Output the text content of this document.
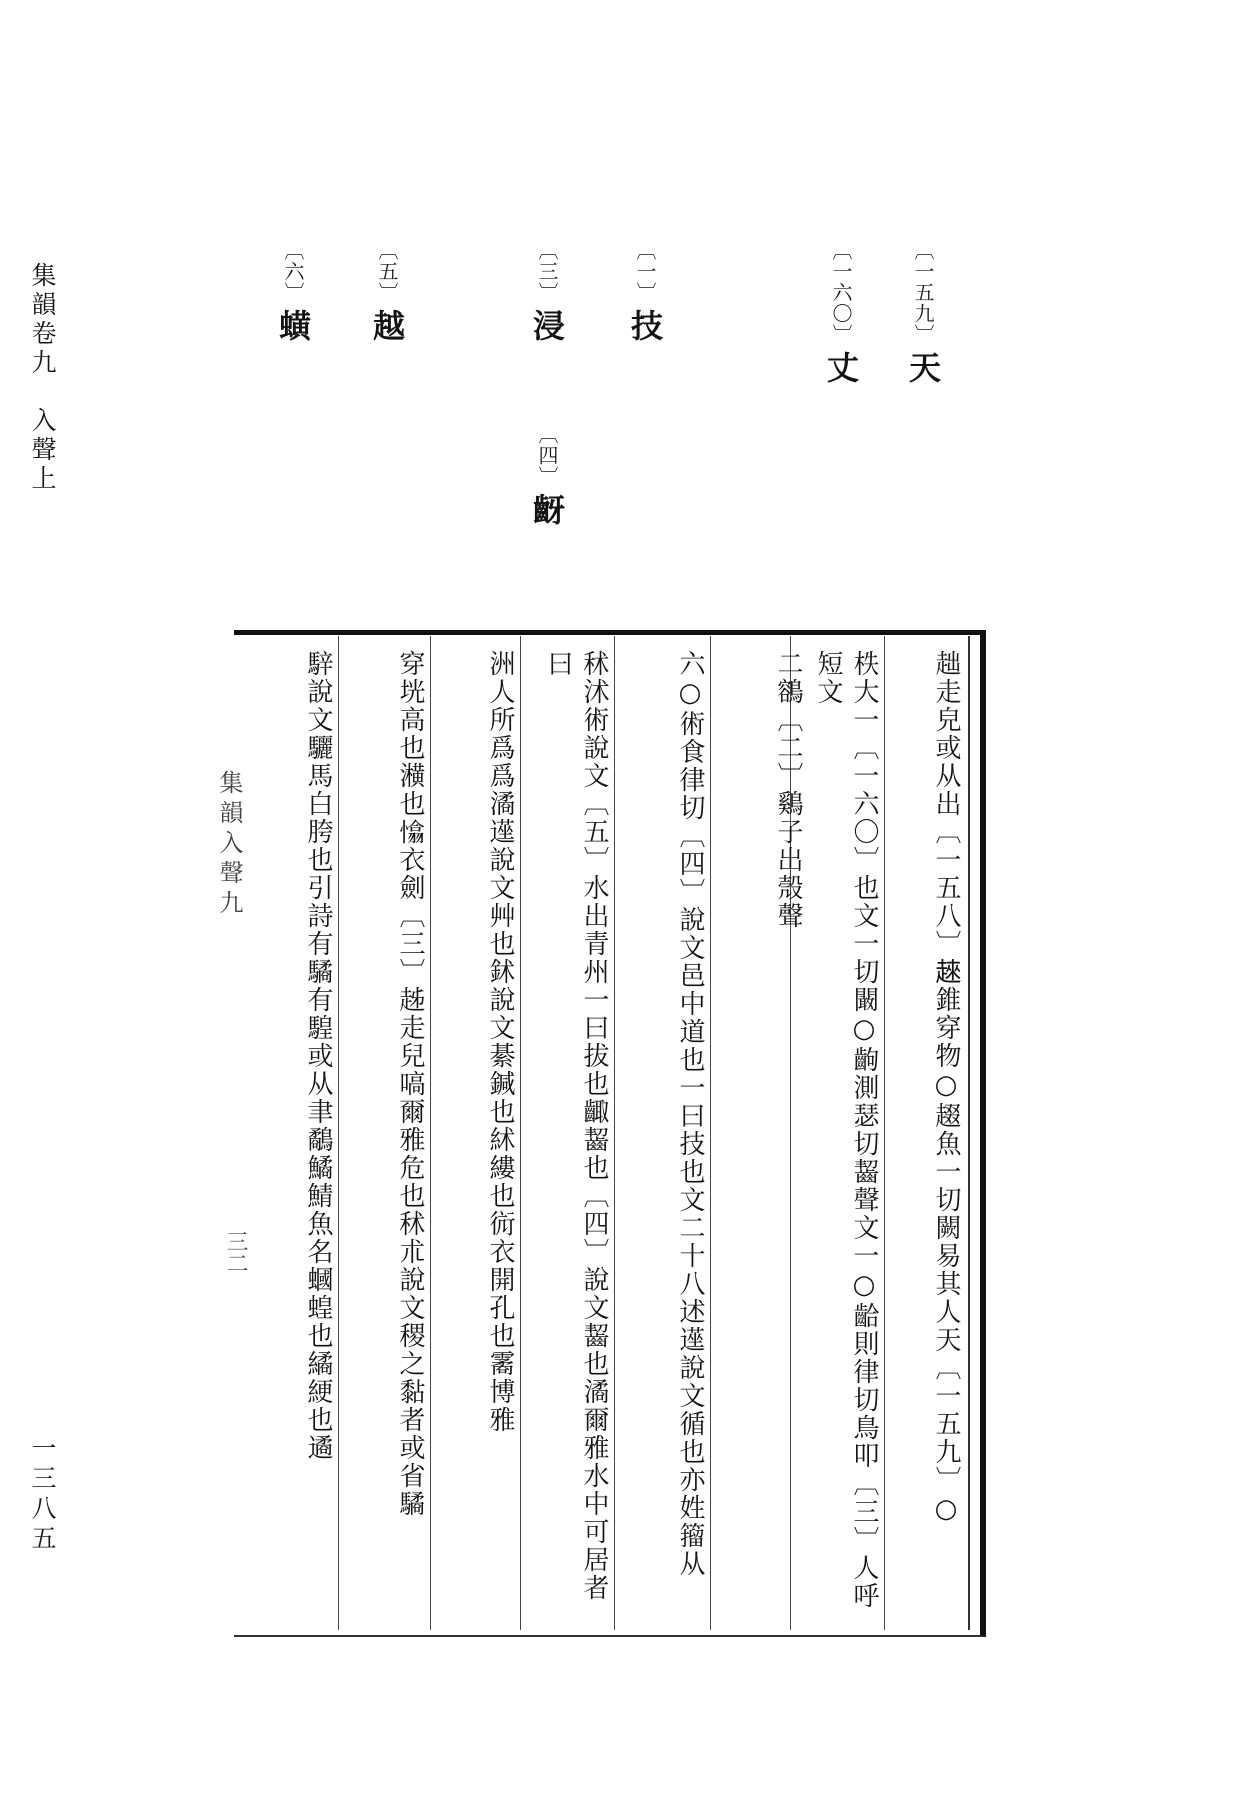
集韻卷九　入聲上
一三八五
〔一五九〕天
〔一六〇〕丈
〔一〕技
〔三〕浸
〔四〕齖
〔五〕越
〔六〕蟥
趉走皃或从出〔一五八〕𧼛錐穿物○䞵魚一切闕易其人天〔一五九〕○
柣大一〔一六〇〕也文一切闞○齣測瑟切齧聲文一○𪘁則律切鳥叩〔三〕人呼短文
二𪃾〔二〕鷄子出殼聲
六○術食律切〔四〕說文邑中道也一曰技也文二十八述遳說文循也亦姓籀从
秫沭術說文〔五〕水出青州一曰拔也齱齧也〔四〕說文齧也潏爾雅水中可居者曰
洲人所爲爲潏遳說文艸也鉥說文綦鍼也絉縷也䘕衣開孔也霱博雅
穿垙高也㶇也𢡁衣劍〔三〕趀走兒嗃爾雅危也秫朮說文稷之黏者或省驈
騂說文驪馬白胯也引詩有驈有騜或从聿鷸鱊鯖魚名蟈蝗也繘綆也遹
集韻入聲九
三二
